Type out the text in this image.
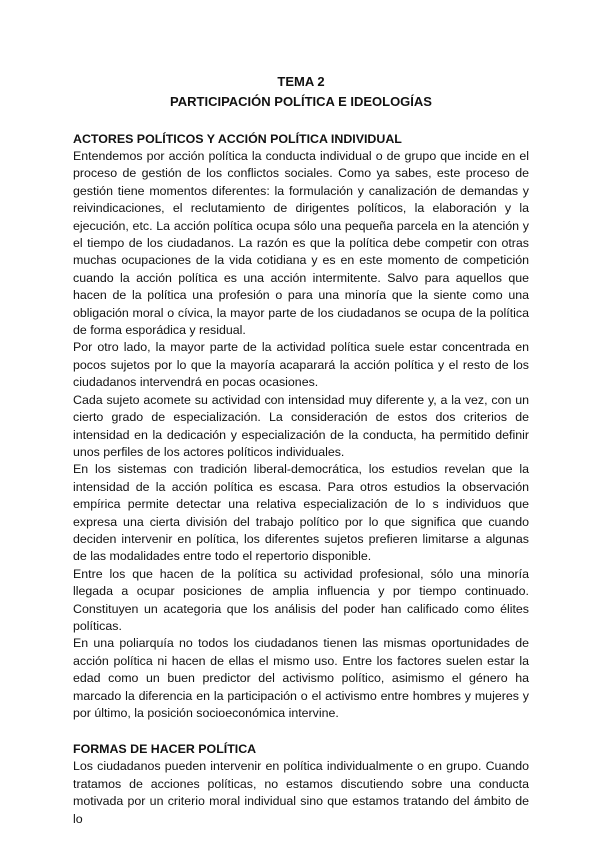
TEMA 2
PARTICIPACIÓN POLÍTICA E IDEOLOGÍAS

ACTORES POLÍTICOS Y ACCIÓN POLÍTICA INDIVIDUAL

Entendemos por acción política la conducta individual o de grupo que incide en el proceso de gestión de los conflictos sociales. Como ya sabes, este proceso de gestión tiene momentos diferentes: la formulación y canalización de demandas y reivindicaciones, el reclutamiento de dirigentes políticos, la elaboración y la ejecución, etc. La acción política ocupa sólo una pequeña parcela en la atención y el tiempo de los ciudadanos. La razón es que la política debe competir con otras muchas ocupaciones de la vida cotidiana y es en este momento de competición cuando la acción política es una acción intermitente. Salvo para aquellos que hacen de la política una profesión o para una minoría que la siente como una obligación moral o cívica, la mayor parte de los ciudadanos se ocupa de la política de forma esporádica y residual.

Por otro lado, la mayor parte de la actividad política suele estar concentrada en pocos sujetos por lo que la mayoría acaparará la acción política y el resto de los ciudadanos intervendrá en pocas ocasiones.

Cada sujeto acomete su actividad con intensidad muy diferente y, a la vez, con un cierto grado de especialización. La consideración de estos dos criterios de intensidad en la dedicación y especialización de la conducta, ha permitido definir unos perfiles de los actores políticos individuales.

En los sistemas con tradición liberal-democrática, los estudios revelan que la intensidad de la acción política es escasa. Para otros estudios la observación empírica permite detectar una relativa especialización de lo s individuos que expresa una cierta división del trabajo político por lo que significa que cuando deciden intervenir en política, los diferentes sujetos prefieren limitarse a algunas de las modalidades entre todo el repertorio disponible.

Entre los que hacen de la política su actividad profesional, sólo una minoría llegada a ocupar posiciones de amplia influencia y por tiempo continuado. Constituyen un acategoria que los análisis del poder han calificado como élites políticas.

En una poliarquía no todos los ciudadanos tienen las mismas oportunidades de acción política ni hacen de ellas el mismo uso. Entre los factores suelen estar la edad como un buen predictor del activismo político, asimismo el género ha marcado la diferencia en la participación o el activismo entre hombres y mujeres y por último, la posición socioeconómica intervine.

FORMAS DE HACER POLÍTICA

Los ciudadanos pueden intervenir en política individualmente o en grupo. Cuando tratamos de acciones políticas, no estamos discutiendo sobre una conducta motivada por un criterio moral individual sino que estamos tratando del ámbito de lo
